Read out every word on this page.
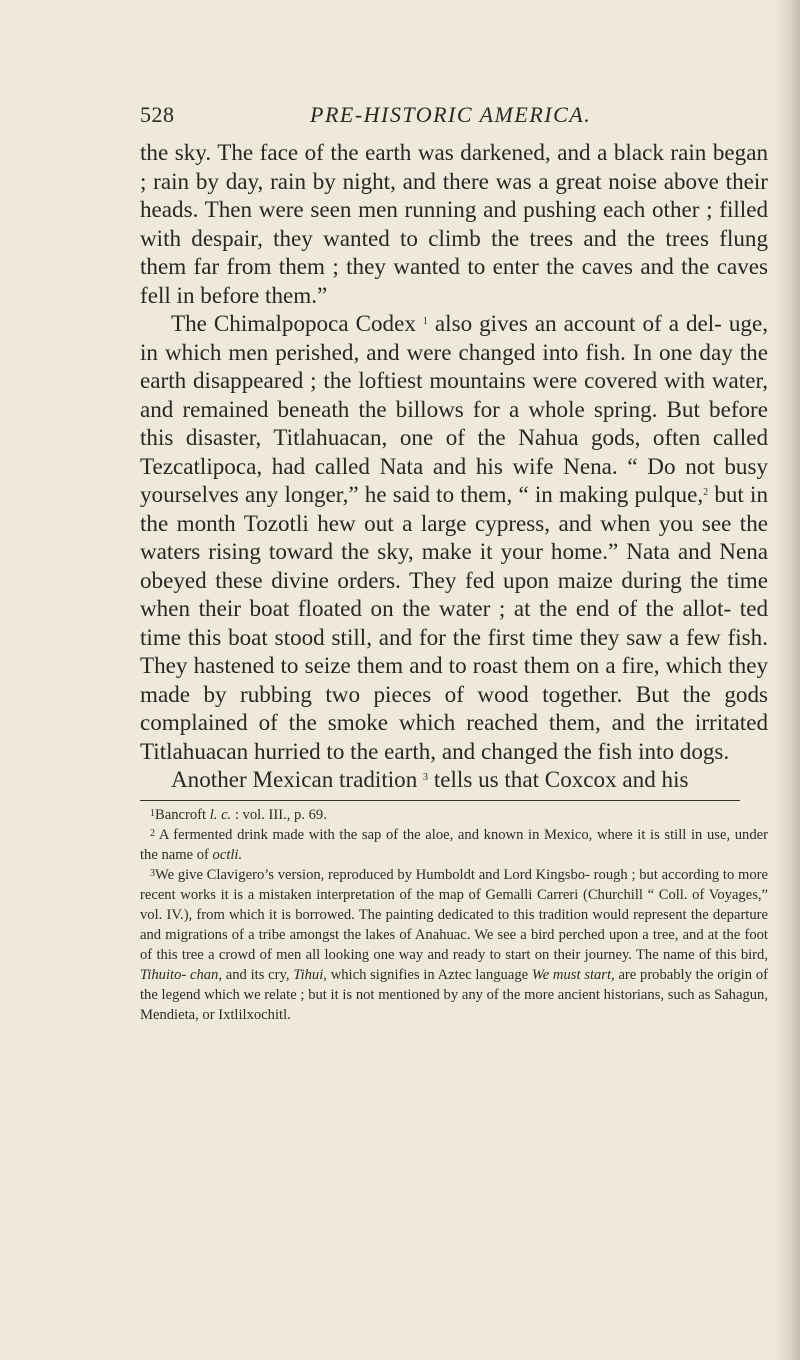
528	PRE-HISTORIC AMERICA.

the sky. The face of the earth was darkened, and a black rain began ; rain by day, rain by night, and there was a great noise above their heads. Then were seen men running and pushing each other ; filled with despair, they wanted to climb the trees and the trees flung them far from them ; they wanted to enter the caves and the caves fell in before them.”

The Chimalpopoca Codex $^1$ also gives an account of a del- uge, in which men perished, and were changed into fish. In one day the earth disappeared ; the loftiest mountains were covered with water, and remained beneath the billows for a whole spring. But before this disaster, Titlahuacan, one of the Nahua gods, often called Tezcatlipoca, had called Nata and his wife Nena. “ Do not busy yourselves any longer,” he said to them, “ in making pulque,$^2$ but in the month Tozotli hew out a large cypress, and when you see the waters rising toward the sky, make it your home.” Nata and Nena obeyed these divine orders. They fed upon maize during the time when their boat floated on the water ; at the end of the allot- ted time this boat stood still, and for the first time they saw a few fish. They hastened to seize them and to roast them on a fire, which they made by rubbing two pieces of wood together. But the gods complained of the smoke which reached them, and the irritated Titlahuacan hurried to the earth, and changed the fish into dogs.

Another Mexican tradition $^3$ tells us that Coxcox and his

$^1$Bancroft l. c. : vol. III., p. 69.

$^2$ A fermented drink made with the sap of the aloe, and known in Mexico, where it is still in use, under the name of octli.

$^3$We give Clavigero’s version, reproduced by Humboldt and Lord Kingsbo- rough ; but according to more recent works it is a mistaken interpretation of the map of Gemalli Carreri (Churchill “ Coll. of Voyages,” vol. IV.), from which it is borrowed. The painting dedicated to this tradition would represent the departure and migrations of a tribe amongst the lakes of Anahuac. We see a bird perched upon a tree, and at the foot of this tree a crowd of men all looking one way and ready to start on their journey. The name of this bird, Tihuito- chan, and its cry, Tihui, which signifies in Aztec language We must start, are probably the origin of the legend which we relate ; but it is not mentioned by any of the more ancient historians, such as Sahagun, Mendieta, or Ixtlilxochitl.
